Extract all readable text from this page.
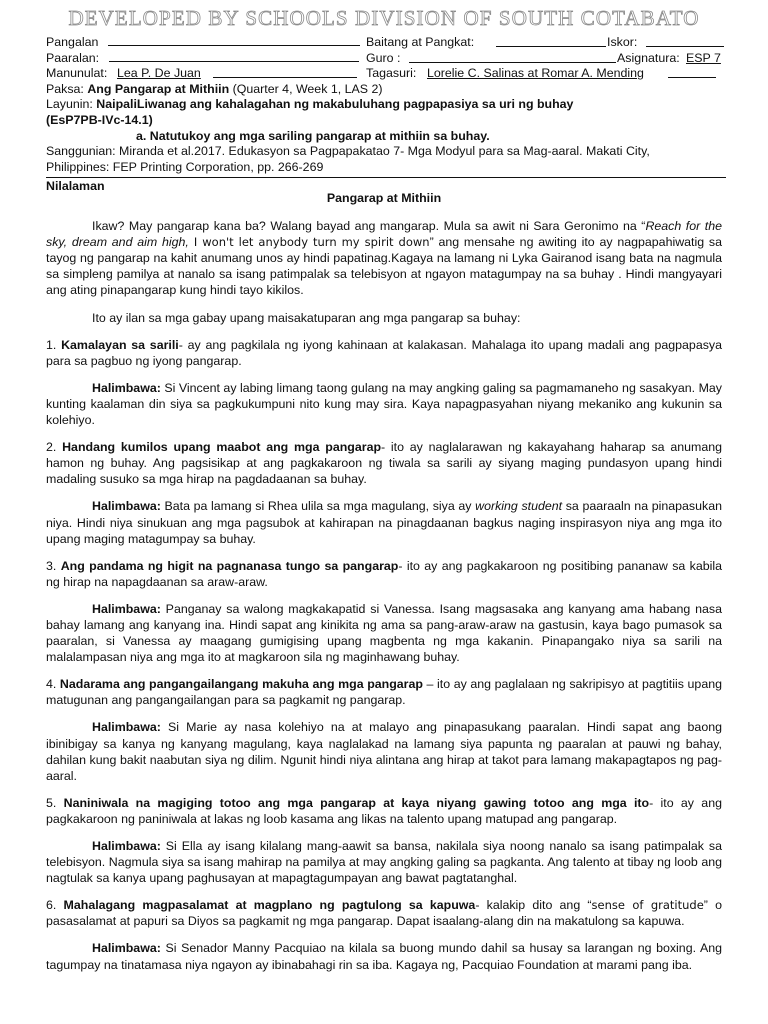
DEVELOPED BY SCHOOLS DIVISION OF SOUTH COTABATO
Pangalan	Baitang at Pangkat:	Iskor:
Paaralan:	Guro :	Asignatura: ESP 7
Manunulat: Lea P. De Juan	Tagasuri: Lorelie C. Salinas at Romar A. Mending
Paksa: Ang Pangarap at Mithiin (Quarter 4, Week 1, LAS 2)
Layunin: NaipaliLiwanag ang kahalagahan ng makabuluhang pagpapasiya sa uri ng buhay
(EsP7PB-IVc-14.1)
a. Natutukoy ang mga sariling pangarap at mithiin sa buhay.
Sanggunian: Miranda et al.2017. Edukasyon sa Pagpapakatao 7- Mga Modyul para sa Mag-aaral. Makati City,
Philippines: FEP Printing Corporation, pp. 266-269
Nilalaman
Pangarap at Mithiin

Ikaw? May pangarap kana ba? Walang bayad ang mangarap. Mula sa awit ni Sara Geronimo na “Reach for the sky, dream and aim high, I won't let anybody turn my spirit down” ang mensahe ng awiting ito ay nagpapahiwatig sa tayog ng pangarap na kahit anumang unos ay hindi papatinag.Kagaya na lamang ni Lyka Gairanod isang bata na nagmula sa simpleng pamilya at nanalo sa isang patimpalak sa telebisyon at ngayon matagumpay na sa buhay . Hindi mangyayari ang ating pinapangarap kung hindi tayo kikilos.

Ito ay ilan sa mga gabay upang maisakatuparan ang mga pangarap sa buhay:

1. Kamalayan sa sarili- ay ang pagkilala ng iyong kahinaan at kalakasan. Mahalaga ito upang madali ang pagpapasya para sa pagbuo ng iyong pangarap.

Halimbawa: Si Vincent ay labing limang taong gulang na may angking galing sa pagmamaneho ng sasakyan. May kunting kaalaman din siya sa pagkukumpuni nito kung may sira. Kaya napagpasyahan niyang mekaniko ang kukunin sa kolehiyo.

2. Handang kumilos upang maabot ang mga pangarap- ito ay naglalarawan ng kakayahang haharap sa anumang hamon ng buhay. Ang pagsisikap at ang pagkakaroon ng tiwala sa sarili ay siyang maging pundasyon upang hindi madaling susuko sa mga hirap na pagdadaanan sa buhay.

Halimbawa: Bata pa lamang si Rhea ulila sa mga magulang, siya ay working student sa paaraaln na pinapasukan niya. Hindi niya sinukuan ang mga pagsubok at kahirapan na pinagdaanan bagkus naging inspirasyon niya ang mga ito upang maging matagumpay sa buhay.

3. Ang pandama ng higit na pagnanasa tungo sa pangarap- ito ay ang pagkakaroon ng positibing pananaw sa kabila ng hirap na napagdaanan sa araw-araw.

Halimbawa: Panganay sa walong magkakapatid si Vanessa. Isang magsasaka ang kanyang ama habang nasa bahay lamang ang kanyang ina. Hindi sapat ang kinikita ng ama sa pang-araw-araw na gastusin, kaya bago pumasok sa paaralan, si Vanessa ay maagang gumigising upang magbenta ng mga kakanin. Pinapangako niya sa sarili na malalampasan niya ang mga ito at magkaroon sila ng maginhawang buhay.

4. Nadarama ang pangangailangang makuha ang mga pangarap – ito ay ang paglalaan ng sakripisyo at pagtitiis upang matugunan ang pangangailangan para sa pagkamit ng pangarap.

Halimbawa: Si Marie ay nasa kolehiyo na at malayo ang pinapasukang paaralan. Hindi sapat ang baong ibinibigay sa kanya ng kanyang magulang, kaya naglalakad na lamang siya papunta ng paaralan at pauwi ng bahay, dahilan kung bakit naabutan siya ng dilim. Ngunit hindi niya alintana ang hirap at takot para lamang makapagtapos ng pag-aaral.

5. Naniniwala na magiging totoo ang mga pangarap at kaya niyang gawing totoo ang mga ito- ito ay ang pagkakaroon ng paniniwala at lakas ng loob kasama ang likas na talento upang matupad ang pangarap.

Halimbawa: Si Ella ay isang kilalang mang-aawit sa bansa, nakilala siya noong nanalo sa isang patimpalak sa telebisyon. Nagmula siya sa isang mahirap na pamilya at may angking galing sa pagkanta. Ang talento at tibay ng loob ang nagtulak sa kanya upang paghusayan at mapagtagumpayan ang bawat pagtatanghal.

6. Mahalagang magpasalamat at magplano ng pagtulong sa kapuwa- kalakip dito ang “sense of gratitude” o pasasalamat at papuri sa Diyos sa pagkamit ng mga pangarap. Dapat isaalang-alang din na makatulong sa kapuwa.

Halimbawa: Si Senador Manny Pacquiao na kilala sa buong mundo dahil sa husay sa larangan ng boxing. Ang tagumpay na tinatamasa niya ngayon ay ibinabahagi rin sa iba. Kagaya ng, Pacquiao Foundation at marami pang iba.
